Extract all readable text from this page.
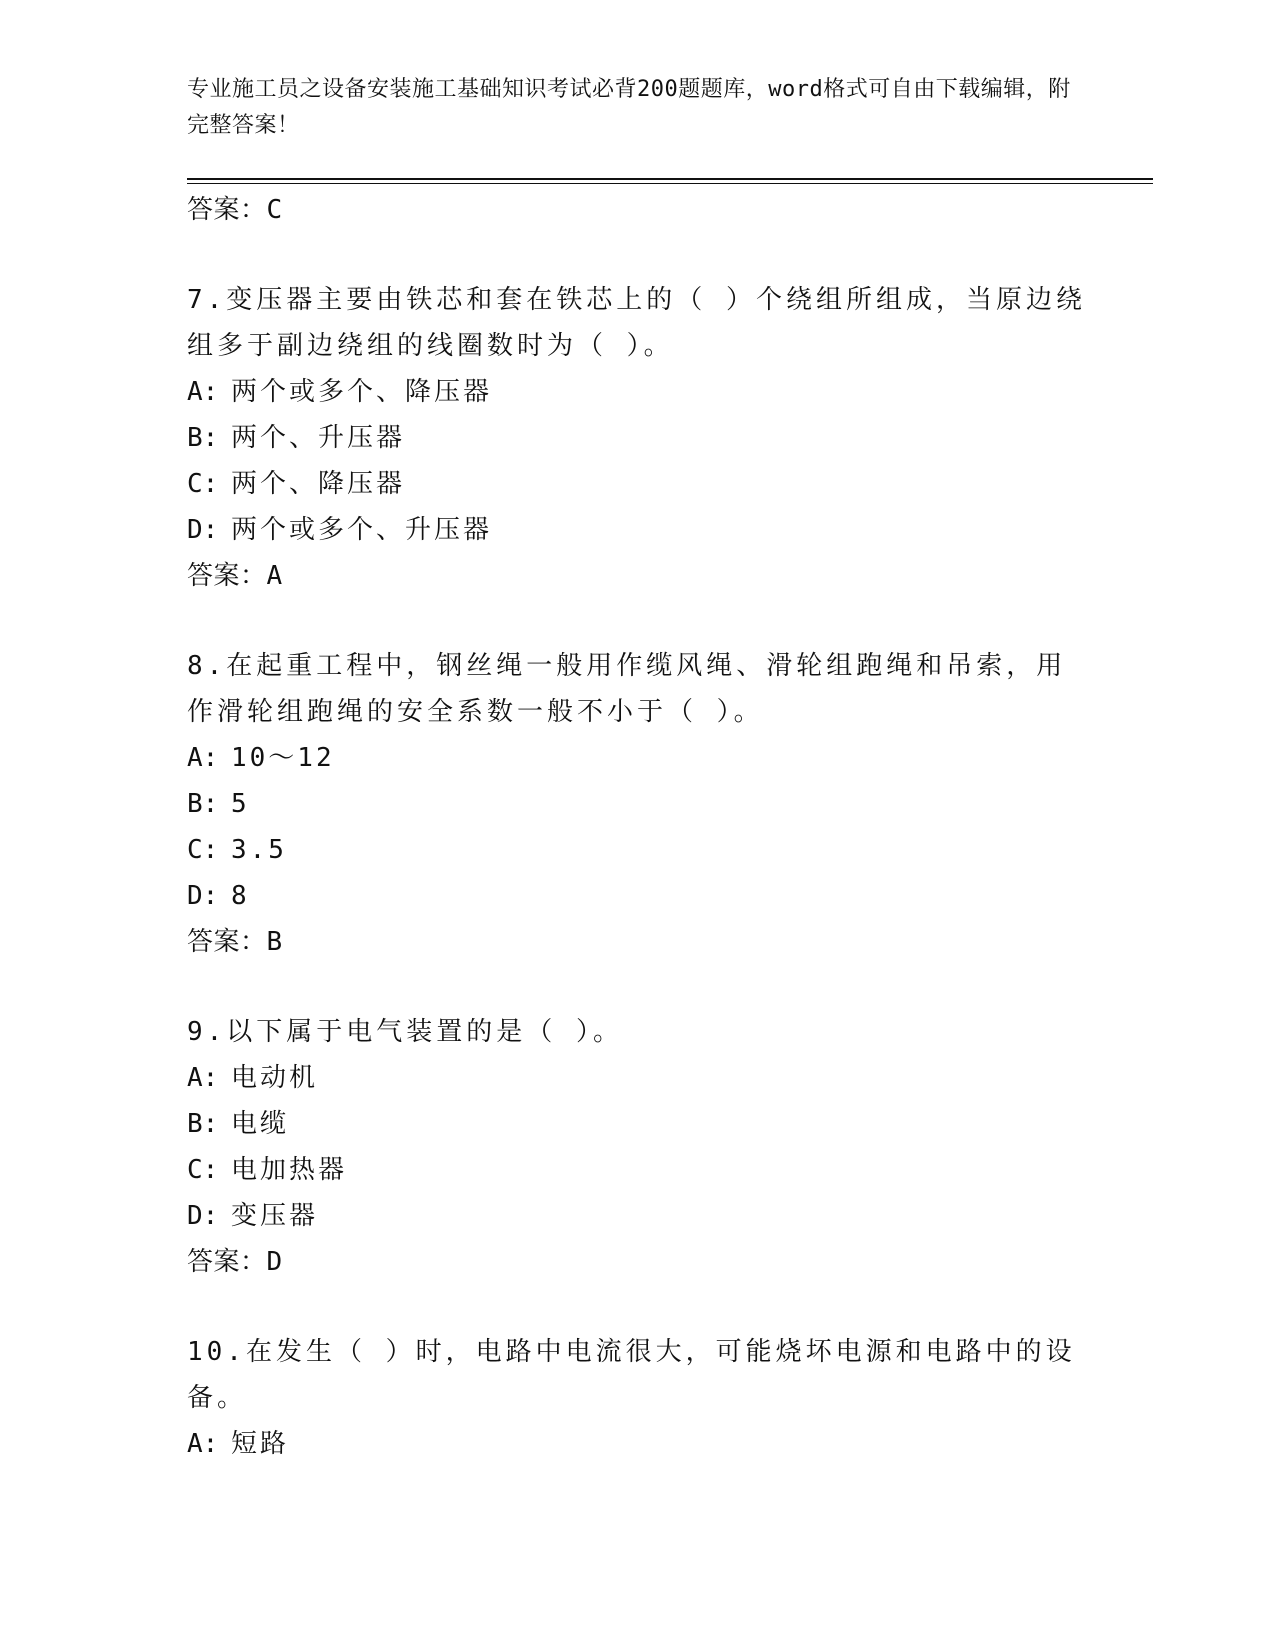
专业施工员之设备安装施工基础知识考试必背200题题库，word格式可自由下载编辑，附完整答案！
答案：C

7.变压器主要由铁芯和套在铁芯上的（ ）个绕组所组成，当原边绕组多于副边绕组的线圈数时为（ ）。

A: 两个或多个、降压器
B: 两个、升压器
C: 两个、降压器
D: 两个或多个、升压器
答案：A

8.在起重工程中，钢丝绳一般用作缆风绳、滑轮组跑绳和吊索，用作滑轮组跑绳的安全系数一般不小于（ ）。

A: 10～12
B: 5
C: 3.5
D: 8
答案：B

9.以下属于电气装置的是（ ）。

A: 电动机
B: 电缆
C: 电加热器
D: 变压器
答案：D

10.在发生（ ）时，电路中电流很大，可能烧坏电源和电路中的设备。

A: 短路
